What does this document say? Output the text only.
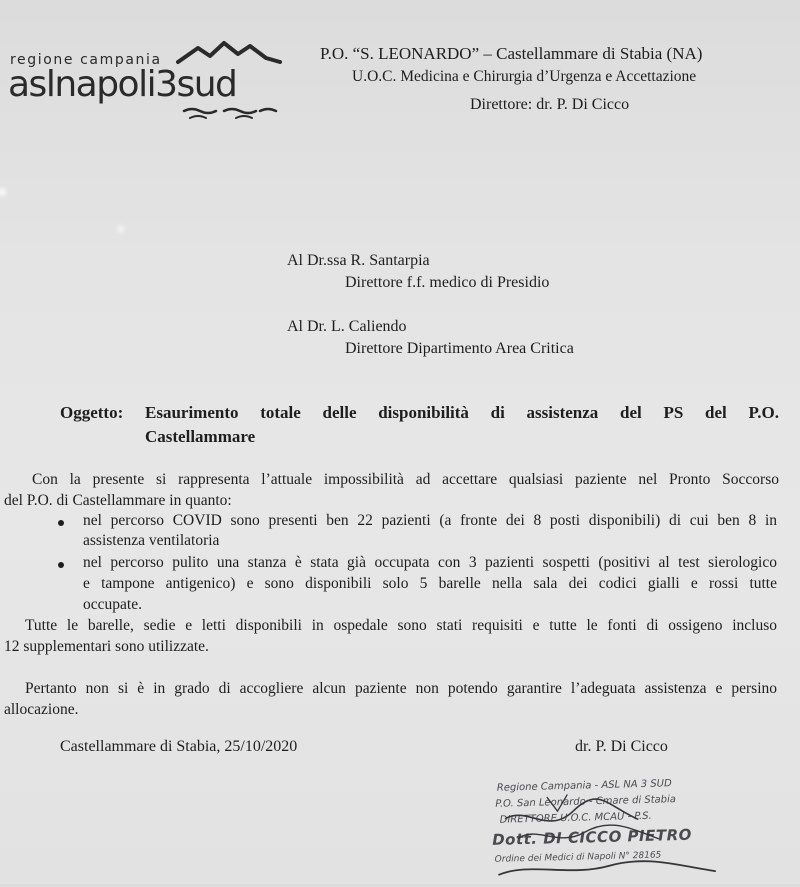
regione campania
aslnapoli3sud
P.O. “S. LEONARDO” – Castellammare di Stabia (NA)
U.O.C. Medicina e Chirurgia d’Urgenza e Accettazione
Direttore: dr. P. Di Cicco
Al Dr.ssa R. Santarpia
Direttore f.f. medico di Presidio
Al Dr. L. Caliendo
Direttore Dipartimento Area Critica
Oggetto: Esaurimento totale delle disponibilità di assistenza del PS del P.O.
Castellammare
Con la presente si rappresenta l’attuale impossibilità ad accettare qualsiasi paziente nel Pronto Soccorso
del P.O. di Castellammare in quanto:
nel percorso COVID sono presenti ben 22 pazienti (a fronte dei 8 posti disponibili) di cui ben 8 in
assistenza ventilatoria
nel percorso pulito una stanza è stata già occupata con 3 pazienti sospetti (positivi al test sierologico
e tampone antigenico) e sono disponibili solo 5 barelle nella sala dei codici gialli e rossi tutte
occupate.
Tutte le barelle, sedie e letti disponibili in ospedale sono stati requisiti e tutte le fonti di ossigeno incluso
12 supplementari sono utilizzate.
Pertanto non si è in grado di accogliere alcun paziente non potendo garantire l’adeguata assistenza e persino
allocazione.
Castellammare di Stabia, 25/10/2020	dr. P. Di Cicco
Regione Campania - ASL NA 3 SUD
P.O. San Leonardo - Cmare di Stabia
DIRETTORE U.O.C. MCAU - P.S.
Dott. DI CICCO PIETRO
Ordine dei Medici di Napoli N° 28165
